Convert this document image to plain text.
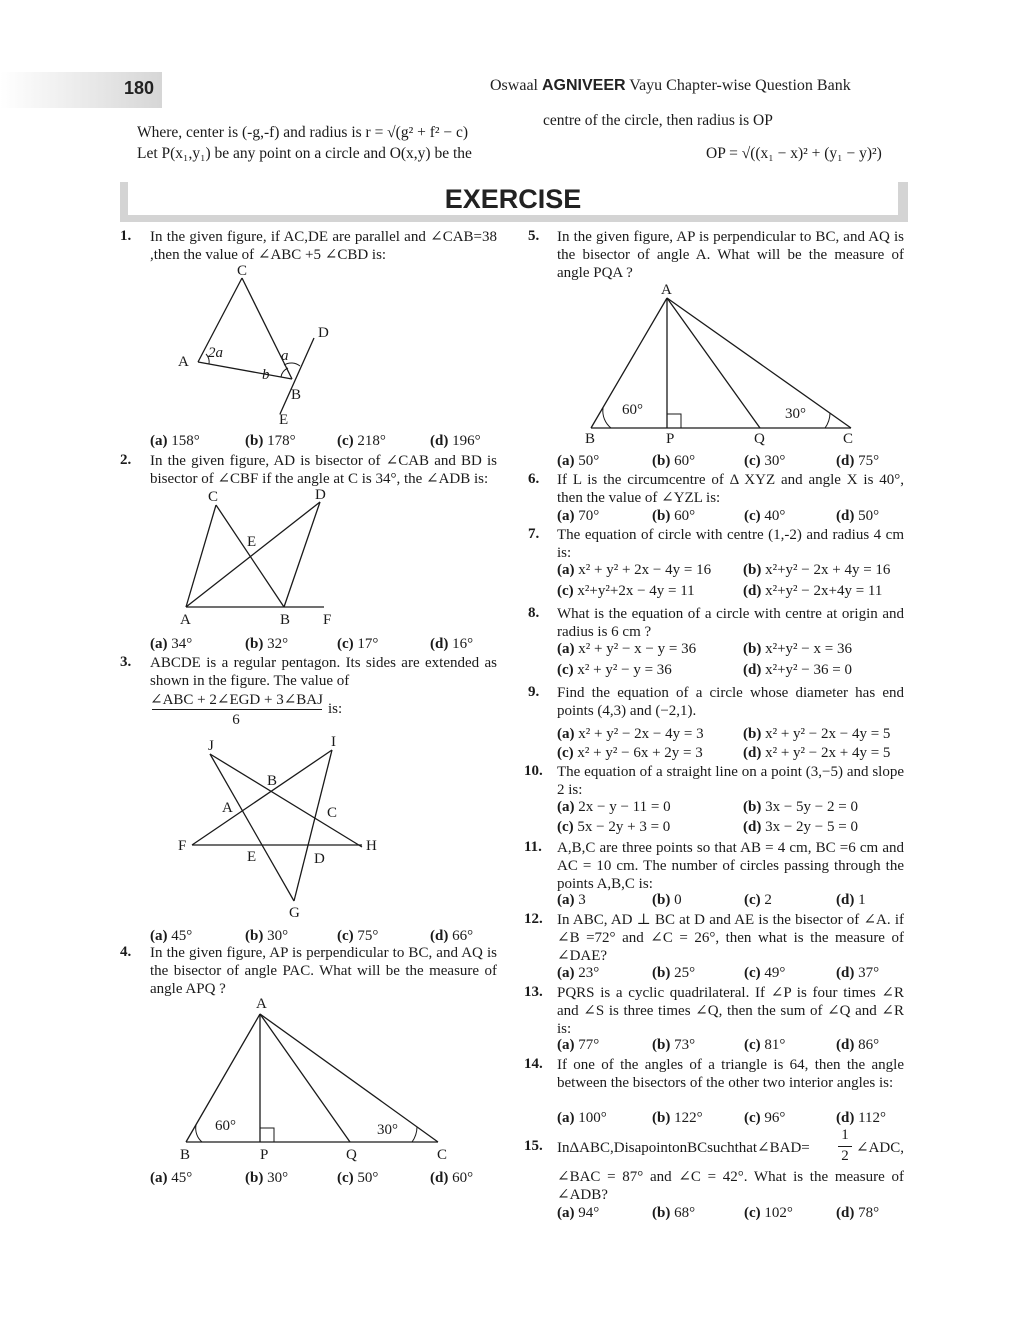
180	Oswaal AGNIVEER Vayu Chapter-wise Question Bank
Where, center is (-g,-f) and radius is r = √(g² + f² − c)
Let P(x₁,y₁) be any point on a circle and O(x,y) be the
centre of the circle, then radius is OP
OP = √((x₁ − x)² + (y₁ − y)²)
EXERCISE
1. In the given figure, if AC,DE are parallel and ∠CAB=38 ,then the value of ∠ABC +5 ∠CBD is:
C
D
A
2a	a
b
B
E
(a) 158°	(b) 178°	(c) 218°	(d) 196°
2. In the given figure, AD is bisector of ∠CAB and BD is bisector of ∠CBF if the angle at C is 34°, the ∠ADB is:
C	D
E
A	B F
(a) 34°	(b) 32°	(c) 17°	(d) 16°
3. ABCDE is a regular pentagon. Its sides are extended as shown in the figure. The value of
∠ABC + 2∠EGD + 3∠BAJ
6
is:
J	I
B
A	C
F
E	D
H
G
(a) 45°	(b) 30°	(c) 75°	(d) 66°
4. In the given figure, AP is perpendicular to BC, and AQ is the bisector of angle PAC. What will be the measure of angle APQ ?
A
60°	30°
B	P	Q	C
(a) 45°	(b) 30°	(c) 50°	(d) 60°
5. In the given figure, AP is perpendicular to BC, and AQ is the bisector of angle A. What will be the measure of angle PQA ?
A
60°	30°
B	P	Q	C
(a) 50°	(b) 60°	(c) 30°	(d) 75°
6. If L is the circumcentre of Δ XYZ and angle X is 40°, then the value of ∠YZL is:
(a) 70°	(b) 60°	(c) 40°	(d) 50°
7. The equation of circle with centre (1,-2) and radius 4 cm is:
(a) x² + y² + 2x − 4y = 16 (b) x²+y² − 2x + 4y = 16
(c) x²+y²+2x − 4y = 11	(d) x²+y² − 2x+4y = 11
8. What is the equation of a circle with centre at origin and radius is 6 cm ?
(a) x² + y² − x − y = 36	(b) x²+y² − x = 36
(c) x² + y² − y = 36	(d) x²+y² − 36 = 0
9. Find the equation of a circle whose diameter has end points (4,3) and (−2,1).
(a) x² + y² − 2x − 4y = 3	(b) x² + y² − 2x − 4y = 5
(c) x² + y² − 6x + 2y = 3	(d) x² + y² − 2x + 4y = 5
10. The equation of a straight line on a point (3,−5) and slope 2 is:
(a) 2x − y − 11 = 0	(b) 3x − 5y − 2 = 0
(c) 5x − 2y + 3 = 0	(d) 3x − 2y − 5 = 0
11. A,B,C are three points so that AB = 4 cm, BC =6 cm and AC = 10 cm. The number of circles passing through the points A,B,C is:
(a) 3	(b) 0	(c) 2	(d) 1
12. In ABC, AD ⊥ BC at D and AE is the bisector of ∠A. if ∠B =72° and ∠C = 26°, then what is the measure of ∠DAE?
(a) 23°	(b) 25°	(c) 49°	(d) 37°
13. PQRS is a cyclic quadrilateral. If ∠P is four times ∠R and ∠S is three times ∠Q, then the sum of ∠Q and ∠R is:
(a) 77°	(b) 73°	(c) 81°	(d) 86°
14. If one of the angles of a triangle is 64, then the angle between the bisectors of the other two interior angles is:
(a) 100°	(b) 122°	(c) 96°	(d) 112°
15. InΔABC,DisapointonBCsuchthat∠BAD=
1
2 ∠ADC,
∠BAC = 87° and ∠C = 42°. What is the measure of ∠ADB?
(a) 94°	(b) 68°	(c) 102°	(d) 78°
